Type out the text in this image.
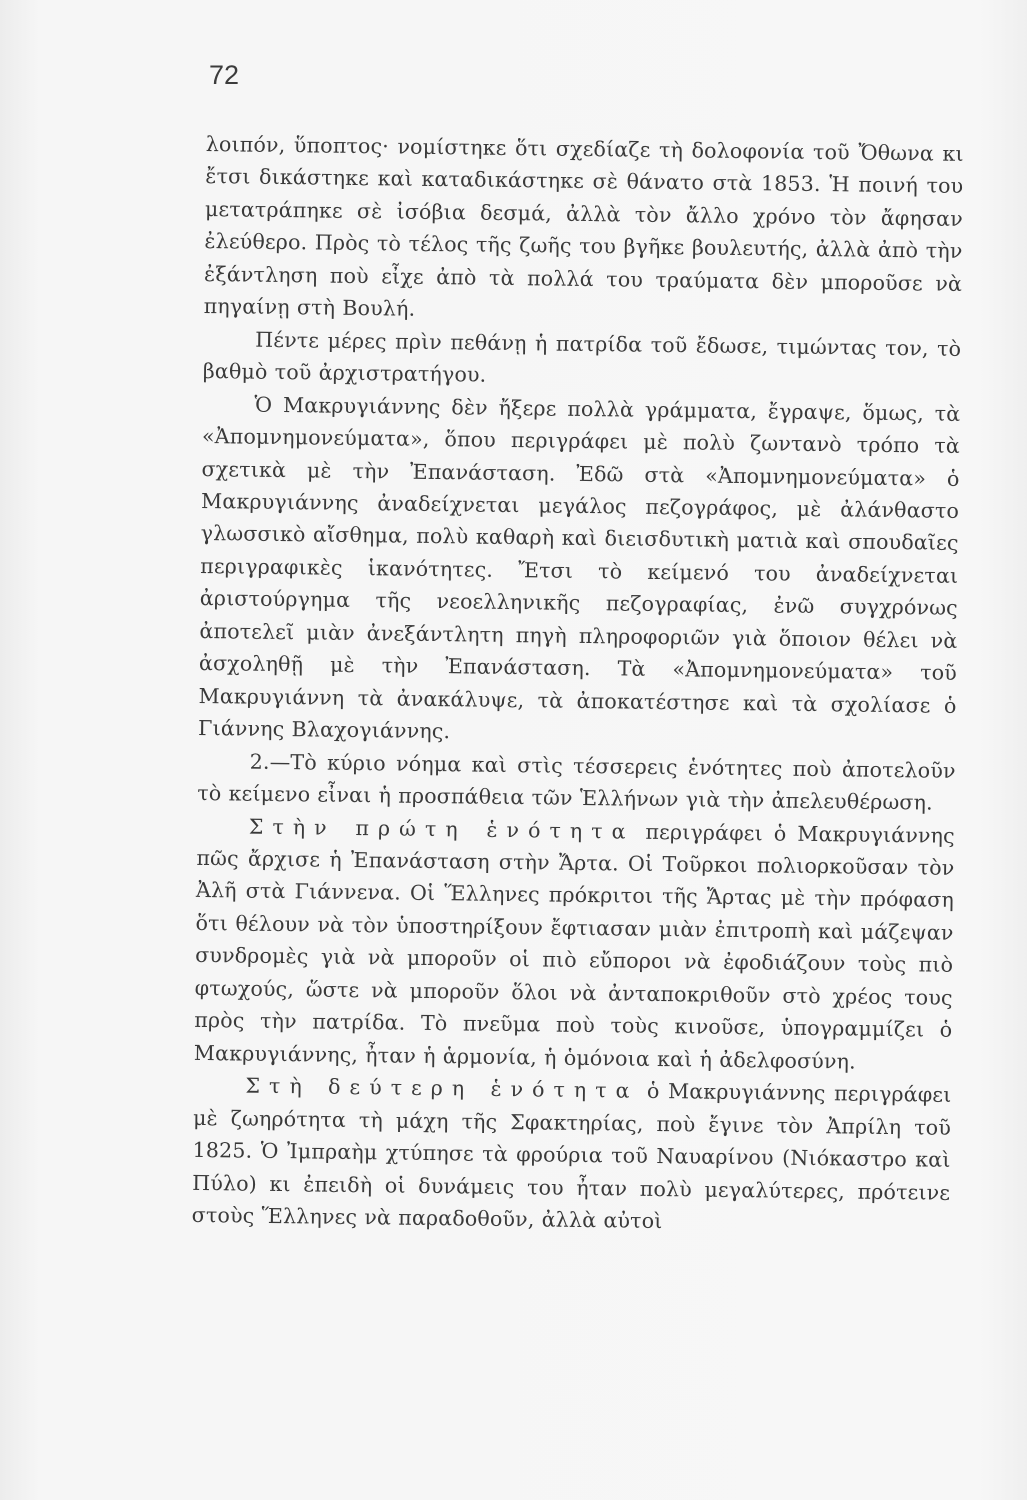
72

λοιπόν, ὕποπτος· νομίστηκε ὅτι σχεδίαζε τὴ δολοφονία τοῦ Ὄθωνα κι ἔτσι δικάστηκε καὶ καταδικάστηκε σὲ θάνατο στὰ 1853. Ἡ ποινή του μετατράπηκε σὲ ἰσόβια δεσμά, ἀλλὰ τὸν ἄλλο χρόνο τὸν ἄφησαν ἐλεύθερο. Πρὸς τὸ τέλος τῆς ζωῆς του βγῆκε βουλευτής, ἀλλὰ ἀπὸ τὴν ἐξάντληση ποὺ εἶχε ἀπὸ τὰ πολλά του τραύματα δὲν μποροῦσε νὰ πηγαίνῃ στὴ Βουλή.

Πέντε μέρες πρὶν πεθάνῃ ἡ πατρίδα τοῦ ἔδωσε, τιμώντας τον, τὸ βαθμὸ τοῦ ἀρχιστρατήγου.

Ὁ Μακρυγιάννης δὲν ἤξερε πολλὰ γράμματα, ἔγραψε, ὅμως, τὰ «Ἀπομνημονεύματα», ὅπου περιγράφει μὲ πολὺ ζωντανὸ τρόπο τὰ σχετικὰ μὲ τὴν Ἐπανάσταση. Ἐδῶ στὰ «Ἀπομνημονεύματα» ὁ Μακρυγιάννης ἀναδείχνεται μεγάλος πεζογράφος, μὲ ἀλάνθαστο γλωσσικὸ αἴσθημα, πολὺ καθαρὴ καὶ διεισδυτικὴ ματιὰ καὶ σπουδαῖες περιγραφικὲς ἱκανότητες. Ἔτσι τὸ κείμενό του ἀναδείχνεται ἀριστούργημα τῆς νεοελληνικῆς πεζογραφίας, ἐνῶ συγχρόνως ἀποτελεῖ μιὰν ἀνεξάντλητη πηγὴ πληροφοριῶν γιὰ ὅποιον θέλει νὰ ἀσχοληθῇ μὲ τὴν Ἐπανάσταση. Τὰ «Ἀπομνημονεύματα» τοῦ Μακρυγιάννη τὰ ἀνακάλυψε, τὰ ἀποκατέστησε καὶ τὰ σχολίασε ὁ Γιάννης Βλαχογιάννης.

2.—Τὸ κύριο νόημα καὶ στὶς τέσσερεις ἑνότητες ποὺ ἀποτελοῦν τὸ κείμενο εἶναι ἡ προσπάθεια τῶν Ἑλλήνων γιὰ τὴν ἀπελευθέρωση.

Στὴν πρώτη ἑνότητα περιγράφει ὁ Μακρυγιάννης πῶς ἄρχισε ἡ Ἐπανάσταση στὴν Ἄρτα. Οἱ Τοῦρκοι πολιορκοῦσαν τὸν Ἀλῆ στὰ Γιάννενα. Οἱ Ἕλληνες πρόκριτοι τῆς Ἄρτας μὲ τὴν πρόφαση ὅτι θέλουν νὰ τὸν ὑποστηρίξουν ἔφτιασαν μιὰν ἐπιτροπὴ καὶ μάζεψαν συνδρομὲς γιὰ νὰ μποροῦν οἱ πιὸ εὔποροι νὰ ἐφοδιάζουν τοὺς πιὸ φτωχούς, ὥστε νὰ μποροῦν ὅλοι νὰ ἀνταποκριθοῦν στὸ χρέος τους πρὸς τὴν πατρίδα. Τὸ πνεῦμα ποὺ τοὺς κινοῦσε, ὑπογραμμίζει ὁ Μακρυγιάννης, ἦταν ἡ ἁρμονία, ἡ ὁμόνοια καὶ ἡ ἀδελφοσύνη.

Στὴ δεύτερη ἑνότητα ὁ Μακρυγιάννης περιγράφει μὲ ζωηρότητα τὴ μάχη τῆς Σφακτηρίας, ποὺ ἔγινε τὸν Ἀπρίλη τοῦ 1825. Ὁ Ἰμπραὴμ χτύπησε τὰ φρούρια τοῦ Ναυαρίνου (Νιόκαστρο καὶ Πύλο) κι ἐπειδὴ οἱ δυνάμεις του ἦταν πολὺ μεγαλύτερες, πρότεινε στοὺς Ἕλληνες νὰ παραδοθοῦν, ἀλλὰ αὐτοὶ
